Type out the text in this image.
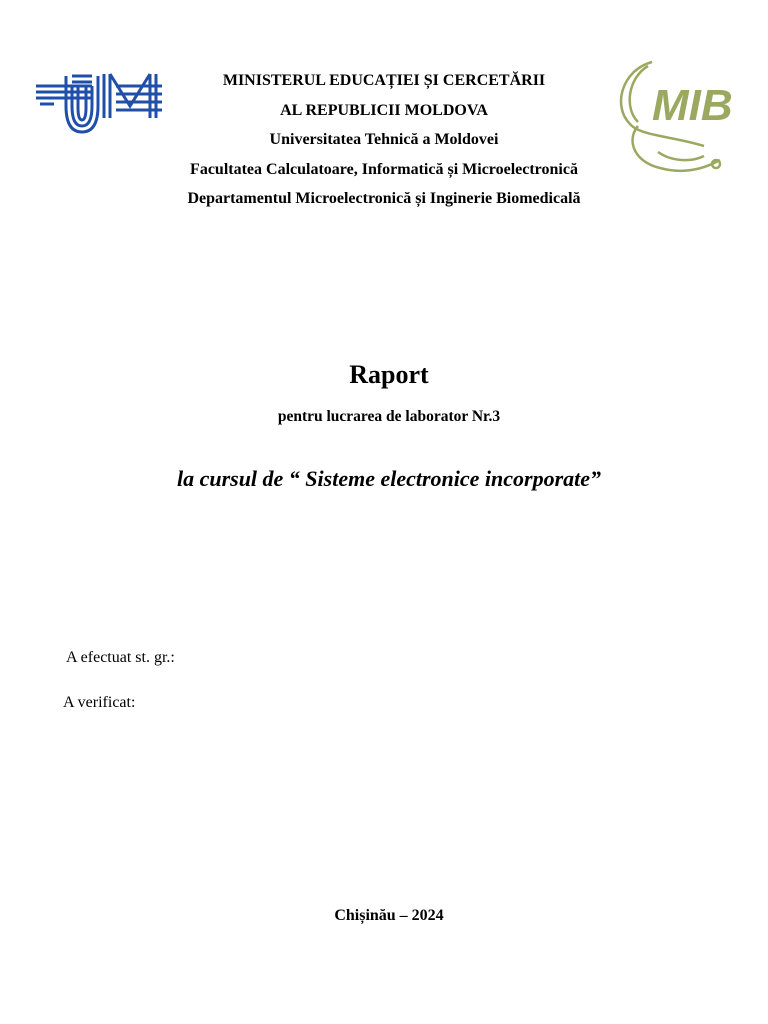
MIB
MINISTERUL EDUCAȚIEI ȘI CERCETĂRII
AL REPUBLICII MOLDOVA
Universitatea Tehnică a Moldovei
Facultatea Calculatoare, Informatică și Microelectronică
Departamentul Microelectronică și Inginerie Biomedicală
Raport
pentru lucrarea de laborator Nr.3
la cursul de “ Sisteme electronice incorporate”
A efectuat st. gr.:
A verificat:
Chișinău – 2024
